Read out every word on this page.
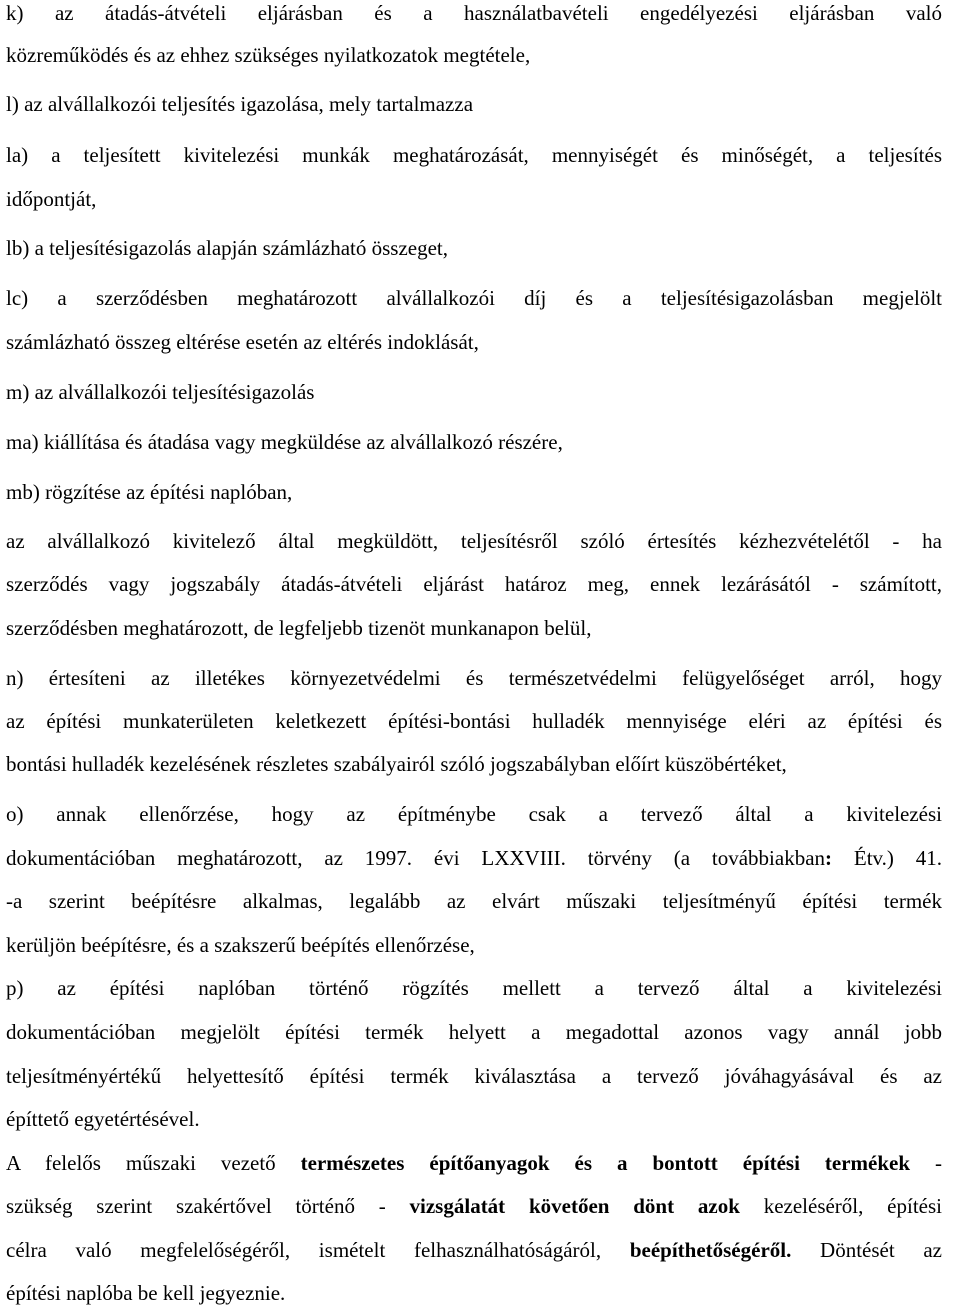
k) az átadás-átvételi eljárásban és a használatbavételi engedélyezési eljárásban való
közreműködés és az ehhez szükséges nyilatkozatok megtétele,
l) az alvállalkozói teljesítés igazolása, mely tartalmazza
la) a teljesített kivitelezési munkák meghatározását, mennyiségét és minőségét, a teljesítés
időpontját,
lb) a teljesítésigazolás alapján számlázható összeget,
lc) a szerződésben meghatározott alvállalkozói díj és a teljesítésigazolásban megjelölt
számlázható összeg eltérése esetén az eltérés indoklását,
m) az alvállalkozói teljesítésigazolás
ma) kiállítása és átadása vagy megküldése az alvállalkozó részére,
mb) rögzítése az építési naplóban,
az alvállalkozó kivitelező által megküldött, teljesítésről szóló értesítés kézhezvételétől - ha
szerződés vagy jogszabály átadás-átvételi eljárást határoz meg, ennek lezárásától - számított,
szerződésben meghatározott, de legfeljebb tizenöt munkanapon belül,
n) értesíteni az illetékes környezetvédelmi és természetvédelmi felügyelőséget arról, hogy
az építési munkaterületen keletkezett építési-bontási hulladék mennyisége eléri az építési és
bontási hulladék kezelésének részletes szabályairól szóló jogszabályban előírt küszöbértéket,
o) annak ellenőrzése, hogy az építménybe csak a tervező által a kivitelezési
dokumentációban meghatározott, az 1997. évi LXXVIII. törvény (a továbbiakban: Étv.) 41.
-a szerint beépítésre alkalmas, legalább az elvárt műszaki teljesítményű építési termék
kerüljön beépítésre, és a szakszerű beépítés ellenőrzése,
p) az építési naplóban történő rögzítés mellett a tervező által a kivitelezési
dokumentációban megjelölt építési termék helyett a megadottal azonos vagy annál jobb
teljesítményértékű helyettesítő építési termék kiválasztása a tervező jóváhagyásával és az
építtető egyetértésével.
A felelős műszaki vezető természetes építőanyagok és a bontott építési termékek -
szükség szerint szakértővel történő - vizsgálatát követően dönt azok kezeléséről, építési
célra való megfelelőségéről, ismételt felhasználhatóságáról, beépíthetőségéről. Döntését az
építési naplóba be kell jegyeznie.
